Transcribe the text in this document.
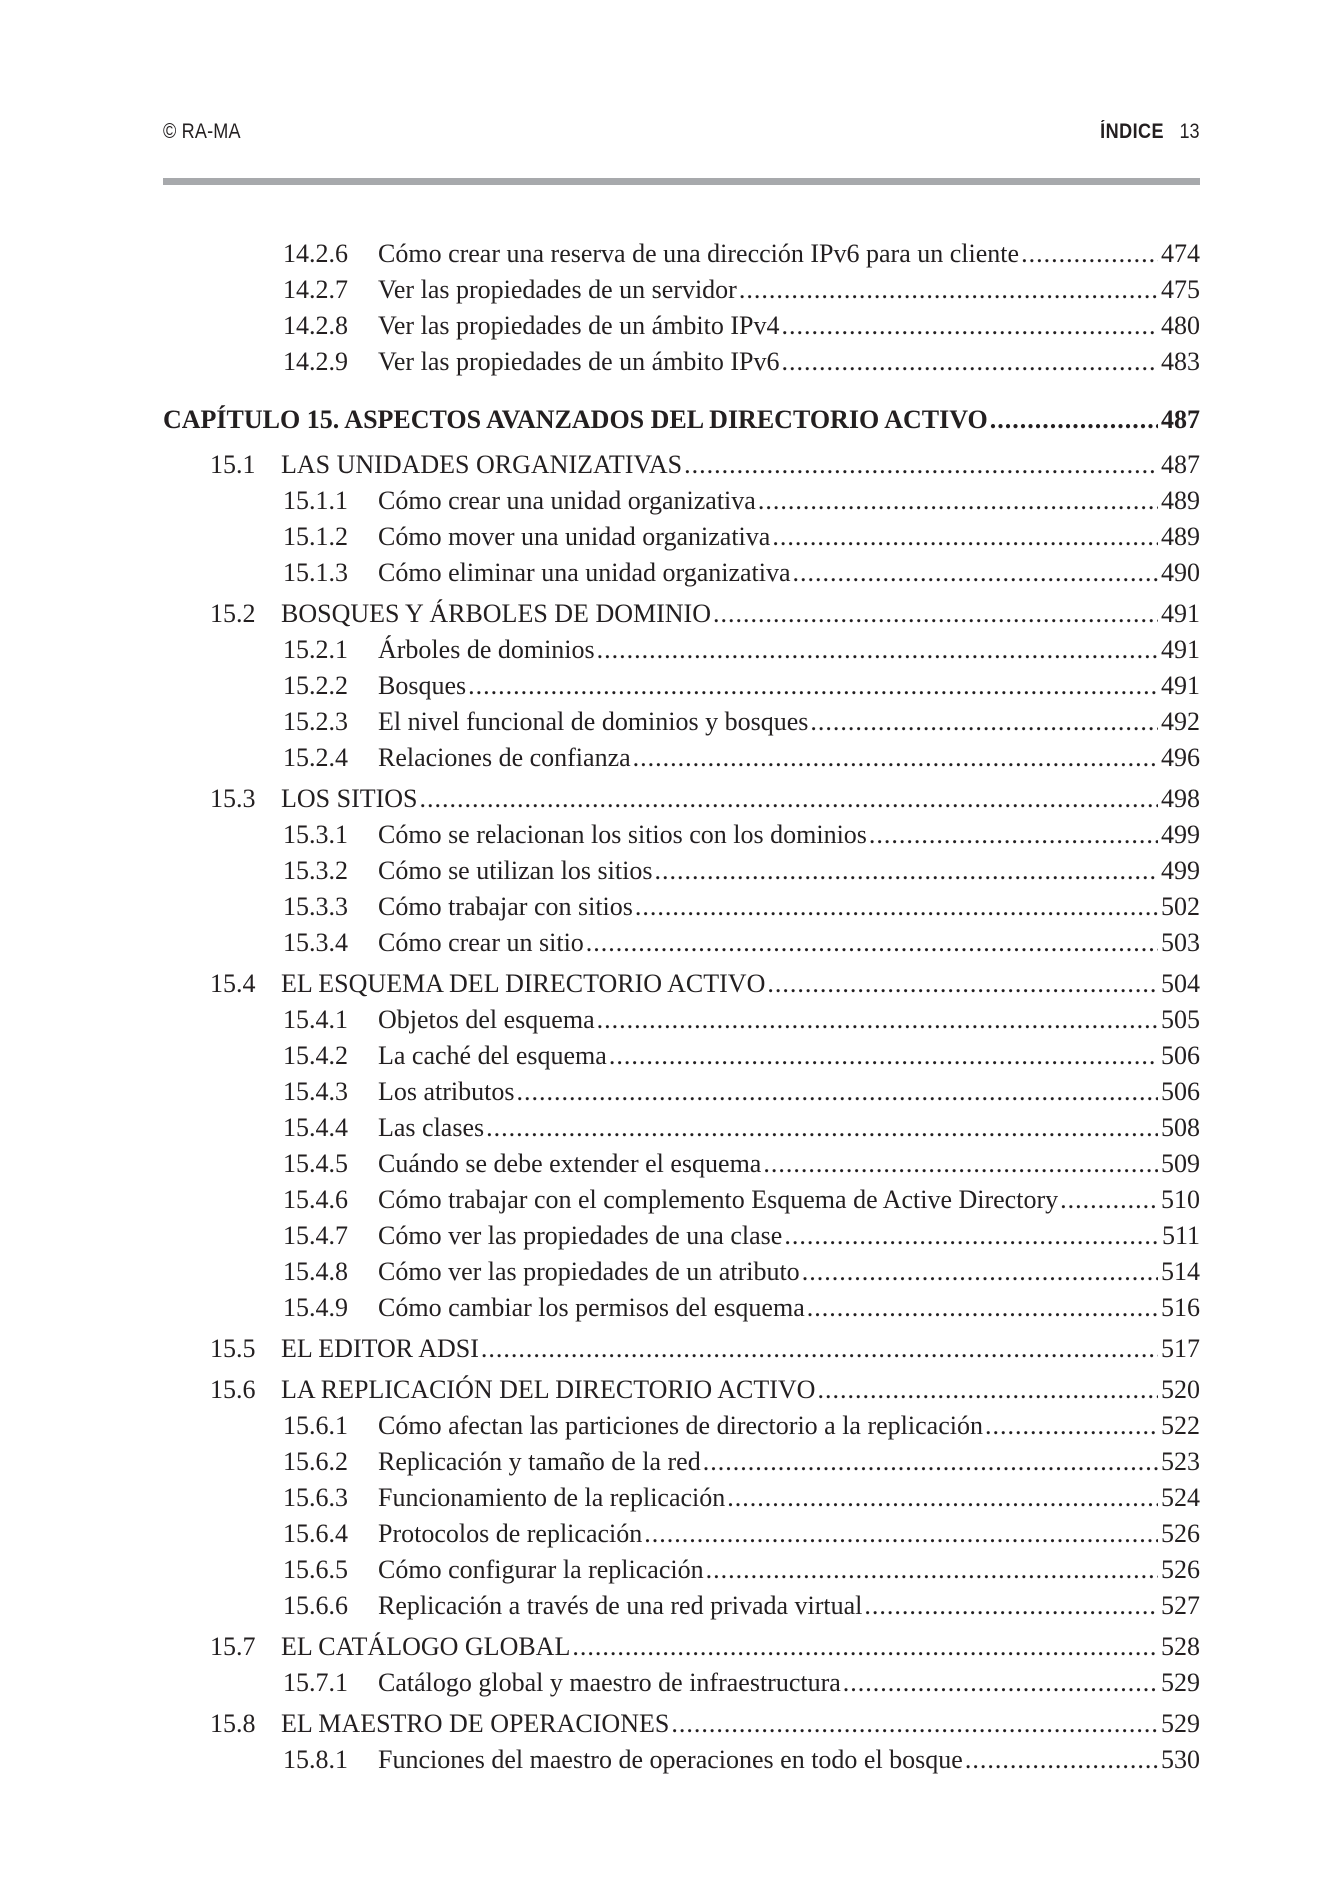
© RA-MA	ÍNDICE 13
14.2.6 Cómo crear una reserva de una dirección IPv6 para un cliente .....	474
14.2.7 Ver las propiedades de un servidor .....	475
14.2.8 Ver las propiedades de un ámbito IPv4 .....	480
14.2.9 Ver las propiedades de un ámbito IPv6 .....	483
CAPÍTULO 15. ASPECTOS AVANZADOS DEL DIRECTORIO ACTIVO .....	487
15.1 LAS UNIDADES ORGANIZATIVAS .....	487
15.1.1 Cómo crear una unidad organizativa .....	489
15.1.2 Cómo mover una unidad organizativa .....	489
15.1.3 Cómo eliminar una unidad organizativa .....	490
15.2 BOSQUES Y ÁRBOLES DE DOMINIO .....	491
15.2.1 Árboles de dominios .....	491
15.2.2 Bosques .....	491
15.2.3 El nivel funcional de dominios y bosques .....	492
15.2.4 Relaciones de confianza .....	496
15.3 LOS SITIOS .....	498
15.3.1 Cómo se relacionan los sitios con los dominios .....	499
15.3.2 Cómo se utilizan los sitios .....	499
15.3.3 Cómo trabajar con sitios .....	502
15.3.4 Cómo crear un sitio .....	503
15.4 EL ESQUEMA DEL DIRECTORIO ACTIVO .....	504
15.4.1 Objetos del esquema .....	505
15.4.2 La caché del esquema .....	506
15.4.3 Los atributos .....	506
15.4.4 Las clases .....	508
15.4.5 Cuándo se debe extender el esquema .....	509
15.4.6 Cómo trabajar con el complemento Esquema de Active Directory .....	510
15.4.7 Cómo ver las propiedades de una clase .....	511
15.4.8 Cómo ver las propiedades de un atributo .....	514
15.4.9 Cómo cambiar los permisos del esquema .....	516
15.5 EL EDITOR ADSI .....	517
15.6 LA REPLICACIÓN DEL DIRECTORIO ACTIVO .....	520
15.6.1 Cómo afectan las particiones de directorio a la replicación .....	522
15.6.2 Replicación y tamaño de la red .....	523
15.6.3 Funcionamiento de la replicación .....	524
15.6.4 Protocolos de replicación .....	526
15.6.5 Cómo configurar la replicación .....	526
15.6.6 Replicación a través de una red privada virtual .....	527
15.7 EL CATÁLOGO GLOBAL .....	528
15.7.1 Catálogo global y maestro de infraestructura .....	529
15.8 EL MAESTRO DE OPERACIONES .....	529
15.8.1 Funciones del maestro de operaciones en todo el bosque .....	530
